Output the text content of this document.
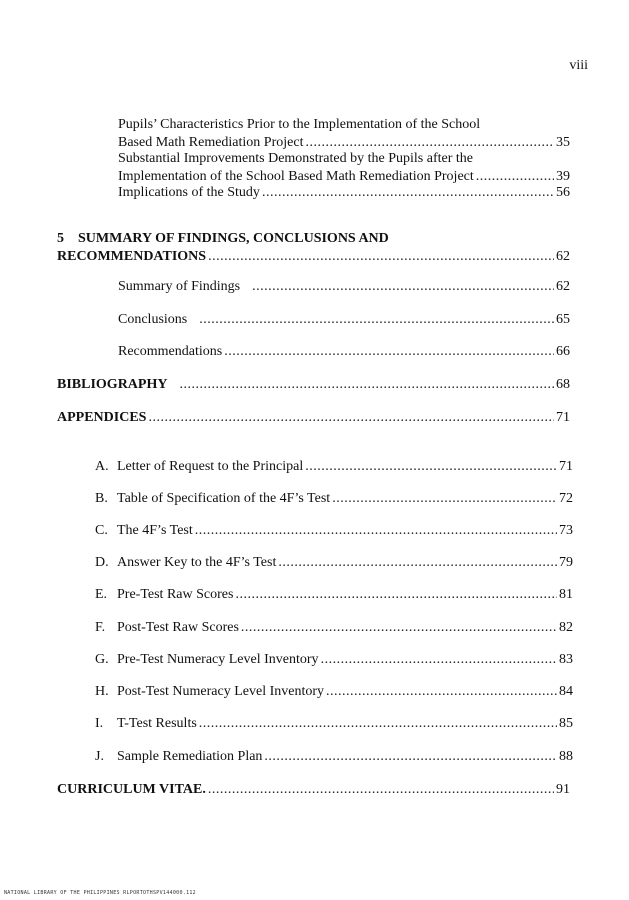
viii
Pupils’ Characteristics Prior to the Implementation of the School
Based Math Remediation Project .....	35
Substantial Improvements Demonstrated by the Pupils after the
Implementation of the School Based Math Remediation Project .....	39
Implications of the Study .....	56
5    SUMMARY OF FINDINGS, CONCLUSIONS AND
RECOMMENDATIONS .....	62
Summary of Findings .....	62
Conclusions .....	65
Recommendations .....	66
BIBLIOGRAPHY .....	68
APPENDICES .....	71
A. Letter of Request to the Principal .....	71
B. Table of Specification of the 4F’s Test .....	72
C. The 4F’s Test .....	73
D. Answer Key to the 4F’s Test .....	79
E. Pre-Test Raw Scores .....	81
F. Post-Test Raw Scores .....	82
G. Pre-Test Numeracy Level Inventory .....	83
H. Post-Test Numeracy Level Inventory .....	84
I. T-Test Results .....	85
J. Sample Remediation Plan .....	88
CURRICULUM VITAE. .....	91
NATIONAL LIBRARY OF THE PHILIPPINES RLPORTOTHSPV144000.112
